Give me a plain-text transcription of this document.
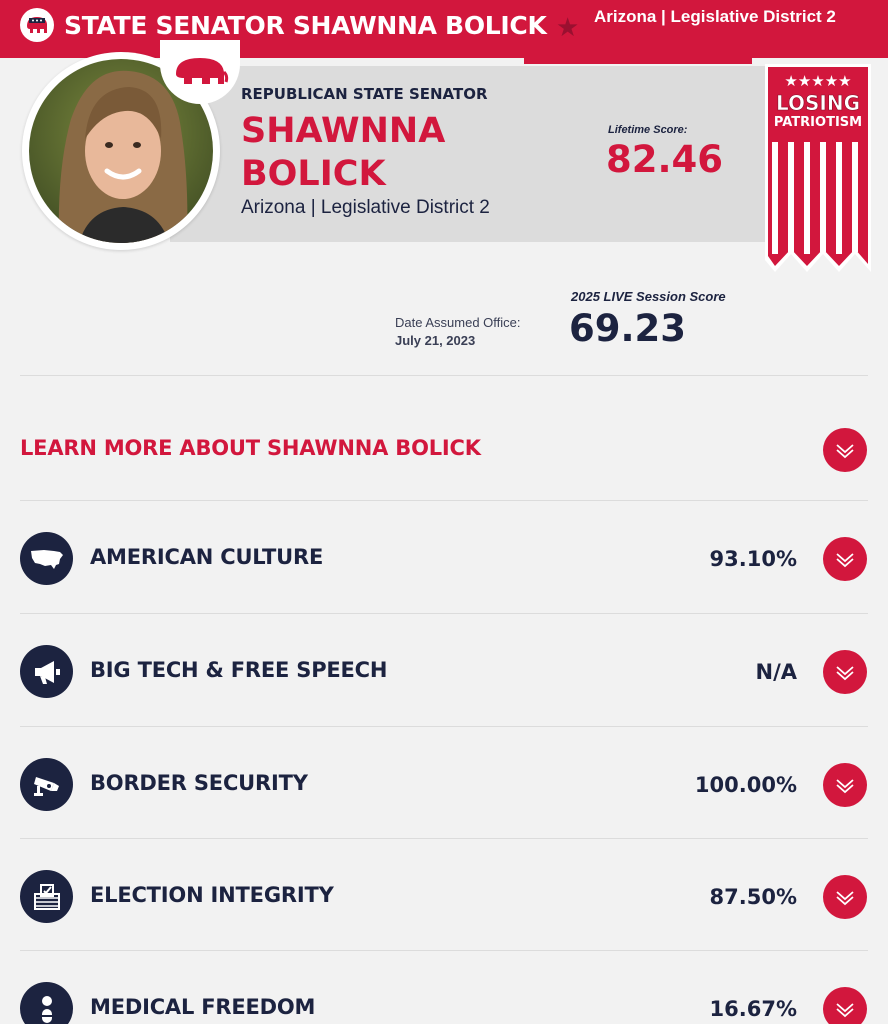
STATE SENATOR SHAWNNA BOLICK ★ Arizona | Legislative District 2
REPUBLICAN STATE SENATOR
SHAWNNA BOLICK
Arizona | Legislative District 2
Lifetime Score:
82.46
★★★★★
LOSING
PATRIOTISM
Date Assumed Office:
July 21, 2023
2025 LIVE Session Score
69.23
LEARN MORE ABOUT SHAWNNA BOLICK
AMERICAN CULTURE	93.10%
BIG TECH & FREE SPEECH	N/A
BORDER SECURITY	100.00%
ELECTION INTEGRITY	87.50%
MEDICAL FREEDOM	16.67%
